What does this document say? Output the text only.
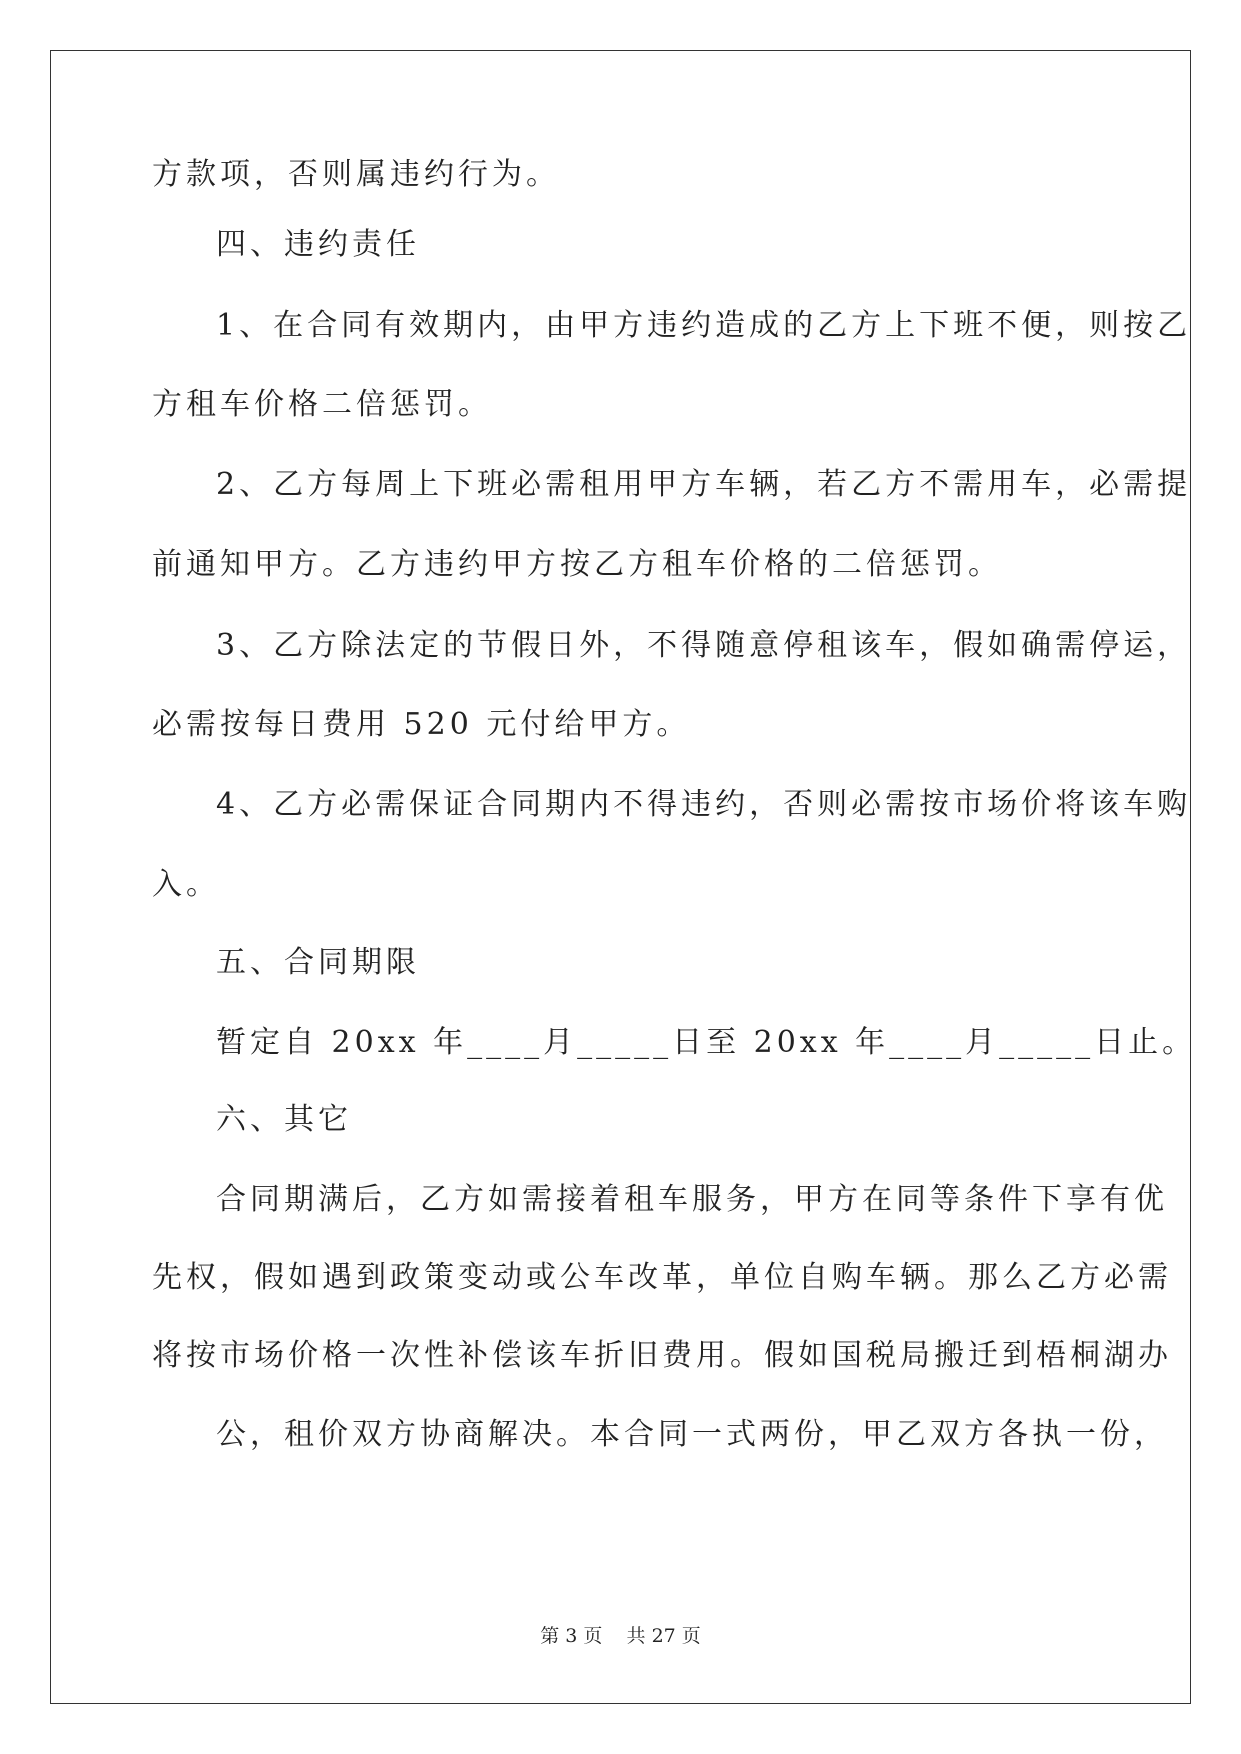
方款项，否则属违约行为。
四、违约责任
1、在合同有效期内，由甲方违约造成的乙方上下班不便，则按乙
方租车价格二倍惩罚。
2、乙方每周上下班必需租用甲方车辆，若乙方不需用车，必需提
前通知甲方。乙方违约甲方按乙方租车价格的二倍惩罚。
3、乙方除法定的节假日外，不得随意停租该车，假如确需停运，
必需按每日费用 520 元付给甲方。
4、乙方必需保证合同期内不得违约，否则必需按市场价将该车购
入。
五、合同期限
暂定自 20xx 年____月_____日至 20xx 年____月_____日止。
六、其它
合同期满后，乙方如需接着租车服务，甲方在同等条件下享有优
先权，假如遇到政策变动或公车改革，单位自购车辆。那么乙方必需
将按市场价格一次性补偿该车折旧费用。假如国税局搬迁到梧桐湖办
公，租价双方协商解决。本合同一式两份，甲乙双方各执一份，
第 3 页    共 27 页
